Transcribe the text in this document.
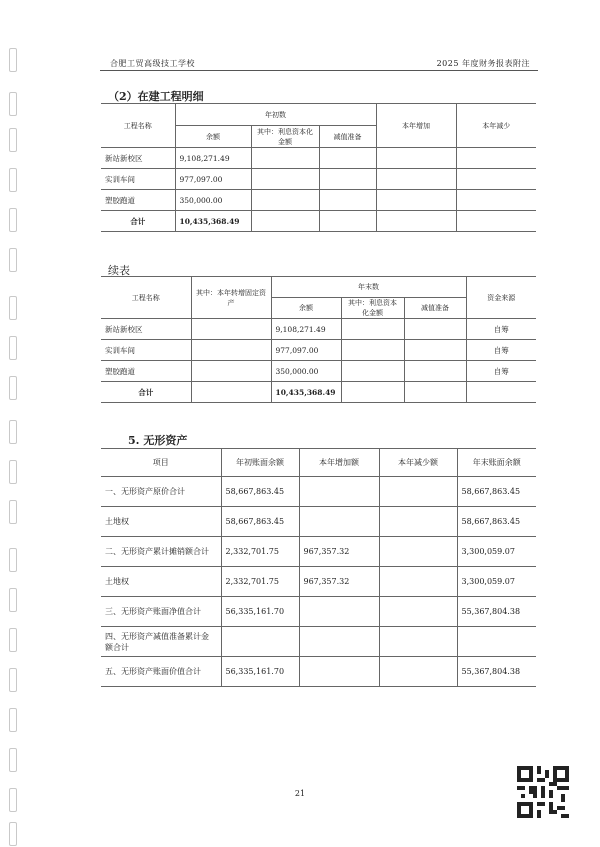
合肥工贸高级技工学校	2025 年度财务报表附注
（2）在建工程明细
工程名称	年初数			本年增加	本年减少
	余额	其中：利息资本化金额	减值准备		
新站新校区	9,108,271.49				
实训车间	977,097.00				
塑胶跑道	350,000.00				
合计	10,435,368.49				
续表
工程名称	其中：本年转增固定资产	年末数			资金来源
		余额	其中：利息资本化金额	减值准备	
新站新校区		9,108,271.49			自筹
实训车间		977,097.00			自筹
塑胶跑道		350,000.00			自筹
合计		10,435,368.49			
5. 无形资产
项目	年初账面余额	本年增加额	本年减少额	年末账面余额
一、无形资产原价合计	58,667,863.45			58,667,863.45
土地权	58,667,863.45			58,667,863.45
二、无形资产累计摊销额合计	2,332,701.75	967,357.32		3,300,059.07
土地权	2,332,701.75	967,357.32		3,300,059.07
三、无形资产账面净值合计	56,335,161.70			55,367,804.38
四、无形资产减值准备累计金额合计				
五、无形资产账面价值合计	56,335,161.70			55,367,804.38
21
